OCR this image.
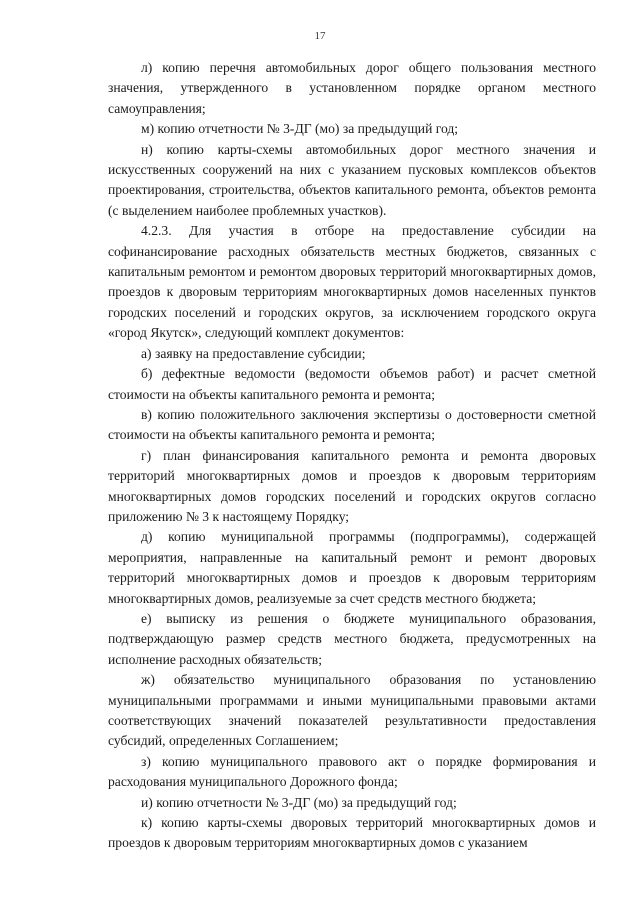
17

л) копию перечня автомобильных дорог общего пользования местного значения, утвержденного в установленном порядке органом местного самоуправления;

м) копию отчетности № 3-ДГ (мо) за предыдущий год;

н) копию карты-схемы автомобильных дорог местного значения и искусственных сооружений на них с указанием пусковых комплексов объектов проектирования, строительства, объектов капитального ремонта, объектов ремонта (с выделением наиболее проблемных участков).

4.2.3. Для участия в отборе на предоставление субсидии на софинансирование расходных обязательств местных бюджетов, связанных с капитальным ремонтом и ремонтом дворовых территорий многоквартирных домов, проездов к дворовым территориям многоквартирных домов населенных пунктов городских поселений и городских округов, за исключением городского округа «город Якутск», следующий комплект документов:

а) заявку на предоставление субсидии;

б) дефектные ведомости (ведомости объемов работ) и расчет сметной стоимости на объекты капитального ремонта и ремонта;

в) копию положительного заключения экспертизы о достоверности сметной стоимости на объекты капитального ремонта и ремонта;

г) план финансирования капитального ремонта и ремонта дворовых территорий многоквартирных домов и проездов к дворовым территориям многоквартирных домов городских поселений и городских округов согласно приложению № 3 к настоящему Порядку;

д) копию муниципальной программы (подпрограммы), содержащей мероприятия, направленные на капитальный ремонт и ремонт дворовых территорий многоквартирных домов и проездов к дворовым территориям многоквартирных домов, реализуемые за счет средств местного бюджета;

е) выписку из решения о бюджете муниципального образования, подтверждающую размер средств местного бюджета, предусмотренных на исполнение расходных обязательств;

ж) обязательство муниципального образования по установлению муниципальными программами и иными муниципальными правовыми актами соответствующих значений показателей результативности предоставления субсидий, определенных Соглашением;

з) копию муниципального правового акт о порядке формирования и расходования муниципального Дорожного фонда;

и) копию отчетности № 3-ДГ (мо) за предыдущий год;

к) копию карты-схемы дворовых территорий многоквартирных домов и проездов к дворовым территориям многоквартирных домов с указанием
